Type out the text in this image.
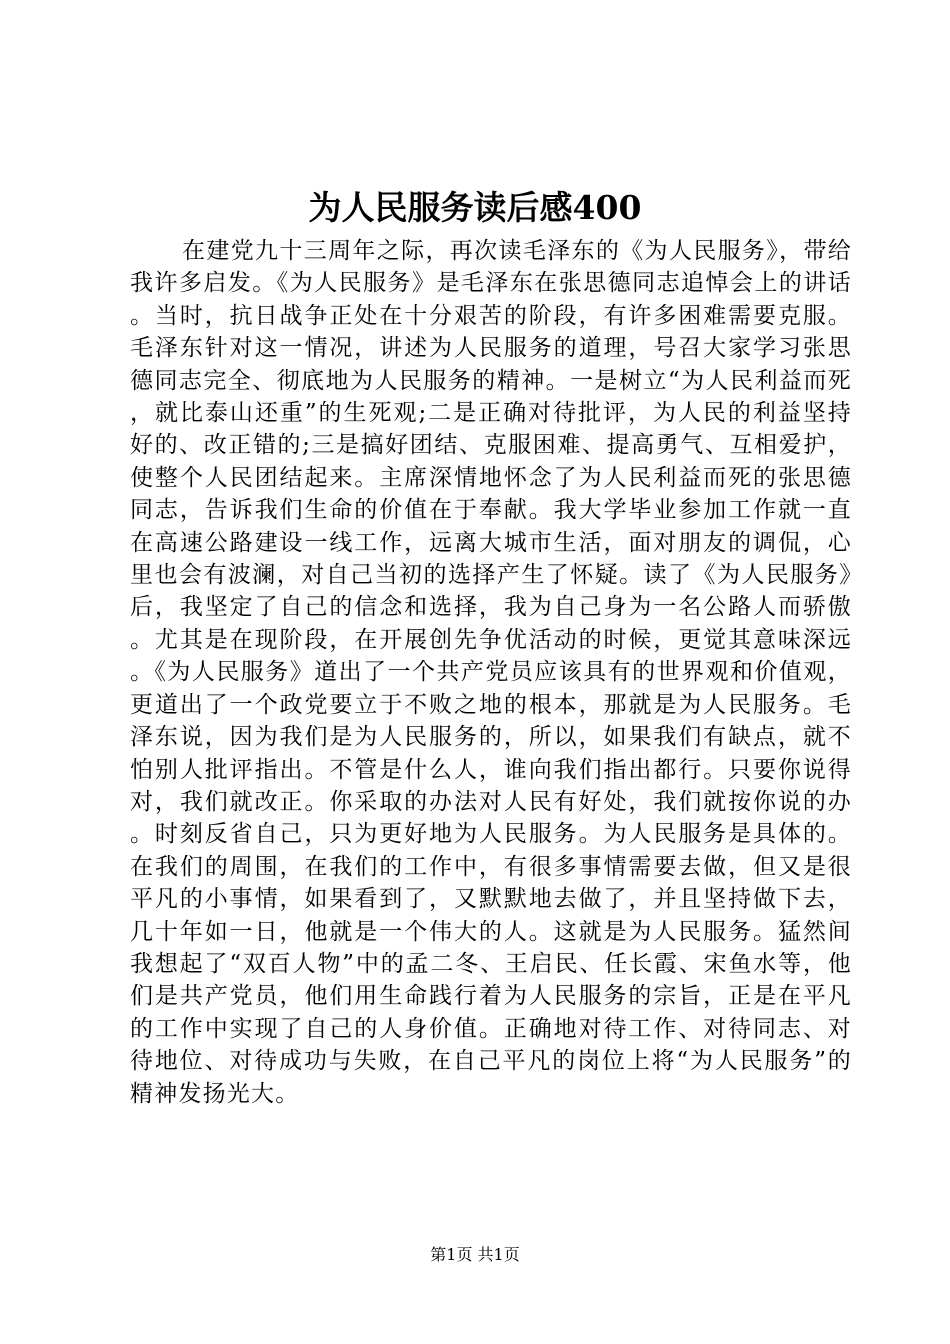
为人民服务读后感400

在建党九十三周年之际，再次读毛泽东的《为人民服务》，带给我许多启发。《为人民服务》是毛泽东在张思德同志追悼会上的讲话。当时，抗日战争正处在十分艰苦的阶段，有许多困难需要克服。毛泽东针对这一情况，讲述为人民服务的道理，号召大家学习张思德同志完全、彻底地为人民服务的精神。一是树立“为人民利益而死，就比泰山还重”的生死观;二是正确对待批评，为人民的利益坚持好的、改正错的;三是搞好团结、克服困难、提高勇气、互相爱护，使整个人民团结起来。主席深情地怀念了为人民利益而死的张思德同志，告诉我们生命的价值在于奉献。我大学毕业参加工作就一直在高速公路建设一线工作，远离大城市生活，面对朋友的调侃，心里也会有波澜，对自己当初的选择产生了怀疑。读了《为人民服务》后，我坚定了自己的信念和选择，我为自己身为一名公路人而骄傲。尤其是在现阶段，在开展创先争优活动的时候，更觉其意味深远。《为人民服务》道出了一个共产党员应该具有的世界观和价值观，更道出了一个政党要立于不败之地的根本，那就是为人民服务。毛泽东说，因为我们是为人民服务的，所以，如果我们有缺点，就不怕别人批评指出。不管是什么人，谁向我们指出都行。只要你说得对，我们就改正。你采取的办法对人民有好处，我们就按你说的办。时刻反省自己，只为更好地为人民服务。为人民服务是具体的。在我们的周围，在我们的工作中，有很多事情需要去做，但又是很平凡的小事情，如果看到了，又默默地去做了，并且坚持做下去，几十年如一日，他就是一个伟大的人。这就是为人民服务。猛然间我想起了“双百人物”中的孟二冬、王启民、任长霞、宋鱼水等，他们是共产党员，他们用生命践行着为人民服务的宗旨，正是在平凡的工作中实现了自己的人身价值。正确地对待工作、对待同志、对待地位、对待成功与失败，在自己平凡的岗位上将“为人民服务”的精神发扬光大。

第1页 共1页
